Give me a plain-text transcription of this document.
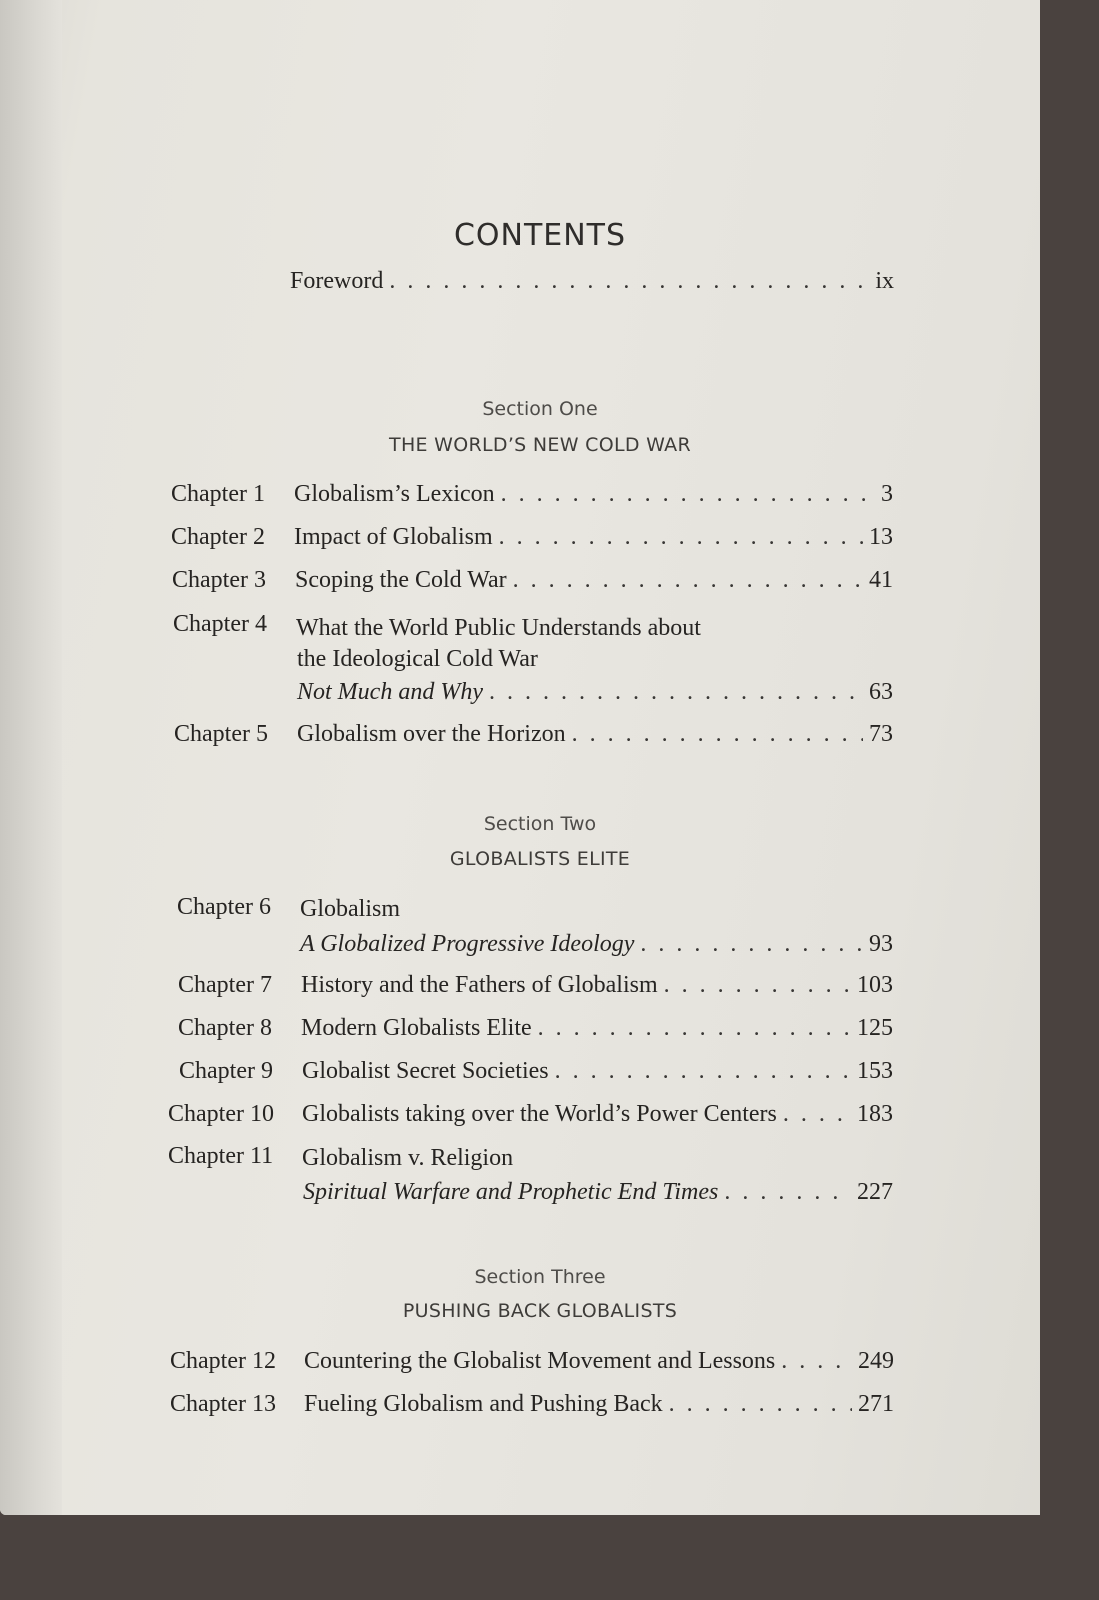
CONTENTS
Foreword . . .	ix
Section One
THE WORLD’S NEW COLD WAR
Chapter 1	Globalism’s Lexicon . . .	3
Chapter 2	Impact of Globalism . . .	13
Chapter 3	Scoping the Cold War . . .	41
Chapter 4 What the World Public Understands about
the Ideological Cold War
Not Much and Why . . .	63
Chapter 5	Globalism over the Horizon . . .	73
Section Two
GLOBALISTS ELITE
Chapter 6 Globalism
A Globalized Progressive Ideology . . .	93
Chapter 7	History and the Fathers of Globalism . . .	103
Chapter 8	Modern Globalists Elite . . .	125
Chapter 9	Globalist Secret Societies . . .	153
Chapter 10	Globalists taking over the World’s Power Centers . . .	183
Chapter 11 Globalism v. Religion
Spiritual Warfare and Prophetic End Times . . .	227
Section Three
PUSHING BACK GLOBALISTS
Chapter 12	Countering the Globalist Movement and Lessons . . .	249
Chapter 13	Fueling Globalism and Pushing Back . . .	271
